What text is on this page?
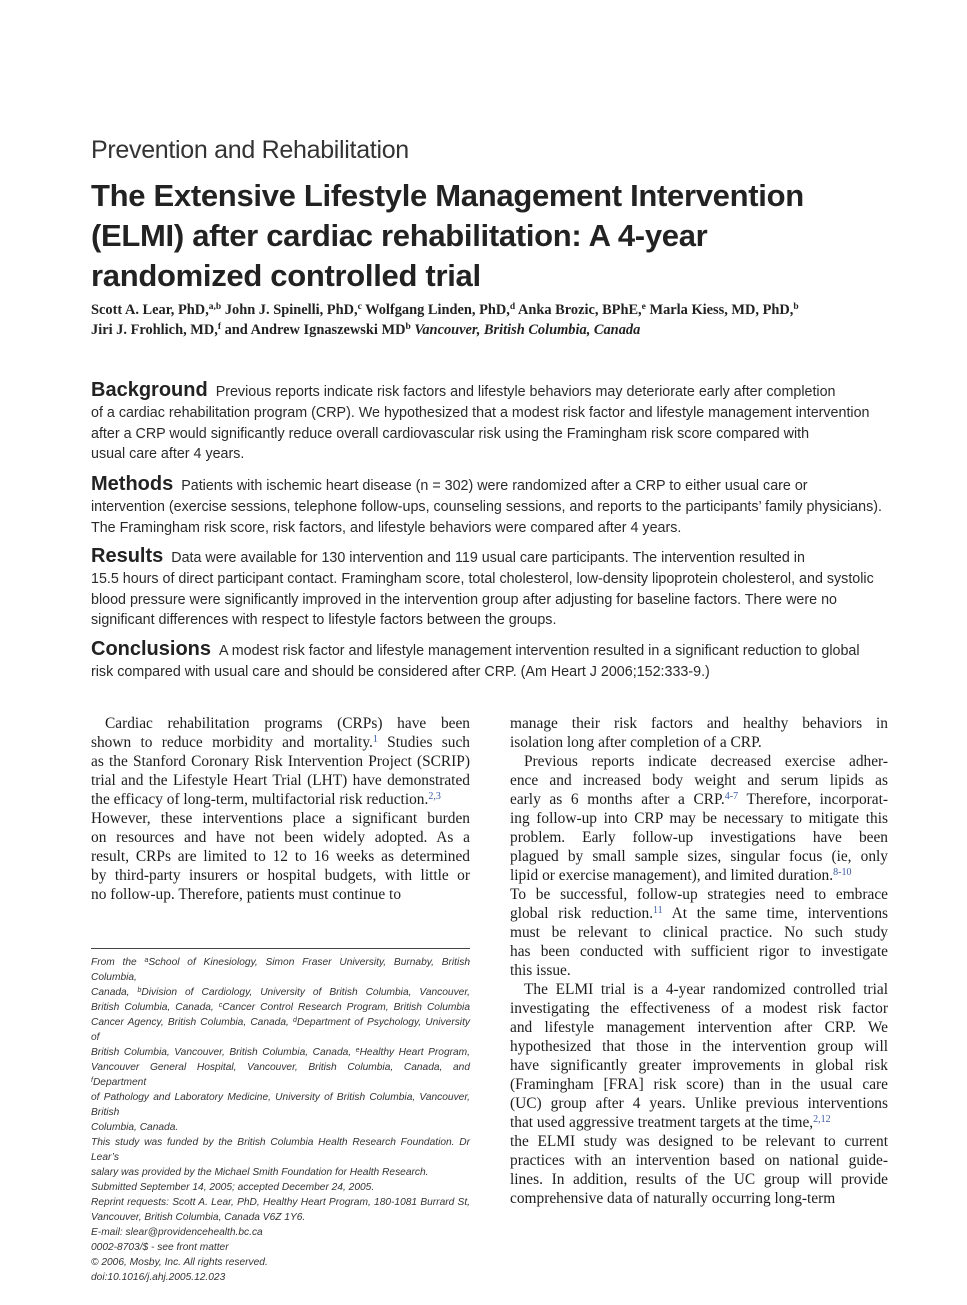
Prevention and Rehabilitation
The Extensive Lifestyle Management Intervention
(ELMI) after cardiac rehabilitation: A 4-year
randomized controlled trial
Scott A. Lear, PhD,$^{a,b}$ John J. Spinelli, PhD,$^c$ Wolfgang Linden, PhD,$^d$ Anka Brozic, BPhE,$^e$ Marla Kiess, MD, PhD,$^b$
Jiri J. Frohlich, MD,$^f$ and Andrew Ignaszewski $MD^b$ Vancouver, British Columbia, Canada

Background Previous reports indicate risk factors and lifestyle behaviors may deteriorate early after completion
of a cardiac rehabilitation program (CRP). We hypothesized that a modest risk factor and lifestyle management intervention
after a CRP would significantly reduce overall cardiovascular risk using the Framingham risk score compared with
usual care after 4 years.

Methods Patients with ischemic heart disease (n = 302) were randomized after a CRP to either usual care or
intervention (exercise sessions, telephone follow-ups, counseling sessions, and reports to the participants’ family physicians).
The Framingham risk score, risk factors, and lifestyle behaviors were compared after 4 years.

Results Data were available for 130 intervention and 119 usual care participants. The intervention resulted in
15.5 hours of direct participant contact. Framingham score, total cholesterol, low-density lipoprotein cholesterol, and systolic
blood pressure were significantly improved in the intervention group after adjusting for baseline factors. There were no
significant differences with respect to lifestyle factors between the groups.

Conclusions A modest risk factor and lifestyle management intervention resulted in a significant reduction to global
risk compared with usual care and should be considered after CRP. (Am Heart J 2006;152:333-9.)

Cardiac rehabilitation programs (CRPs) have been
shown to reduce morbidity and mortality.$^1$ Studies such
as the Stanford Coronary Risk Intervention Project (SCRIP)
trial and the Lifestyle Heart Trial (LHT) have demonstrated
the efficacy of long-term, multifactorial risk reduction.$^{2,3}$
However, these interventions place a significant burden
on resources and have not been widely adopted. As a
result, CRPs are limited to 12 to 16 weeks as determined
by third-party insurers or hospital budgets, with little or
no follow-up. Therefore, patients must continue to
From the $^a$School of Kinesiology, Simon Fraser University, Burnaby, British Columbia,
Canada, $^b$Division of Cardiology, University of British Columbia, Vancouver,
British Columbia, Canada, $^c$Cancer Control Research Program, British Columbia
Cancer Agency, British Columbia, Canada, $^d$Department of Psychology, University of
British Columbia, Vancouver, British Columbia, Canada, $^e$Healthy Heart Program,
Vancouver General Hospital, Vancouver, British Columbia, Canada, and $^f$Department
of Pathology and Laboratory Medicine, University of British Columbia, Vancouver, British
Columbia, Canada.
This study was funded by the British Columbia Health Research Foundation. Dr Lear’s
salary was provided by the Michael Smith Foundation for Health Research.
Submitted September 14, 2005; accepted December 24, 2005.
Reprint requests: Scott A. Lear, PhD, Healthy Heart Program, 180-1081 Burrard St,
Vancouver, British Columbia, Canada V6Z 1Y6.
E-mail: slear@providencehealth.bc.ca
0002-8703/$ - see front matter
© 2006, Mosby, Inc. All rights reserved.
doi:10.1016/j.ahj.2005.12.023
manage their risk factors and healthy behaviors in
isolation long after completion of a CRP.
Previous reports indicate decreased exercise adher-
ence and increased body weight and serum lipids as
early as 6 months after a CRP.$^{4-7}$ Therefore, incorporat-
ing follow-up into CRP may be necessary to mitigate this
problem. Early follow-up investigations have been
plagued by small sample sizes, singular focus (ie, only
lipid or exercise management), and limited duration.$^{8-10}$
To be successful, follow-up strategies need to embrace
global risk reduction.$^{11}$ At the same time, interventions
must be relevant to clinical practice. No such study
has been conducted with sufficient rigor to investigate
this issue.
The ELMI trial is a 4-year randomized controlled trial
investigating the effectiveness of a modest risk factor
and lifestyle management intervention after CRP. We
hypothesized that those in the intervention group will
have significantly greater improvements in global risk
(Framingham [FRA] risk score) than in the usual care
(UC) group after 4 years. Unlike previous interventions
that used aggressive treatment targets at the time,$^{2,12}$
the ELMI study was designed to be relevant to current
practices with an intervention based on national guide-
lines. In addition, results of the UC group will provide
comprehensive data of naturally occurring long-term
